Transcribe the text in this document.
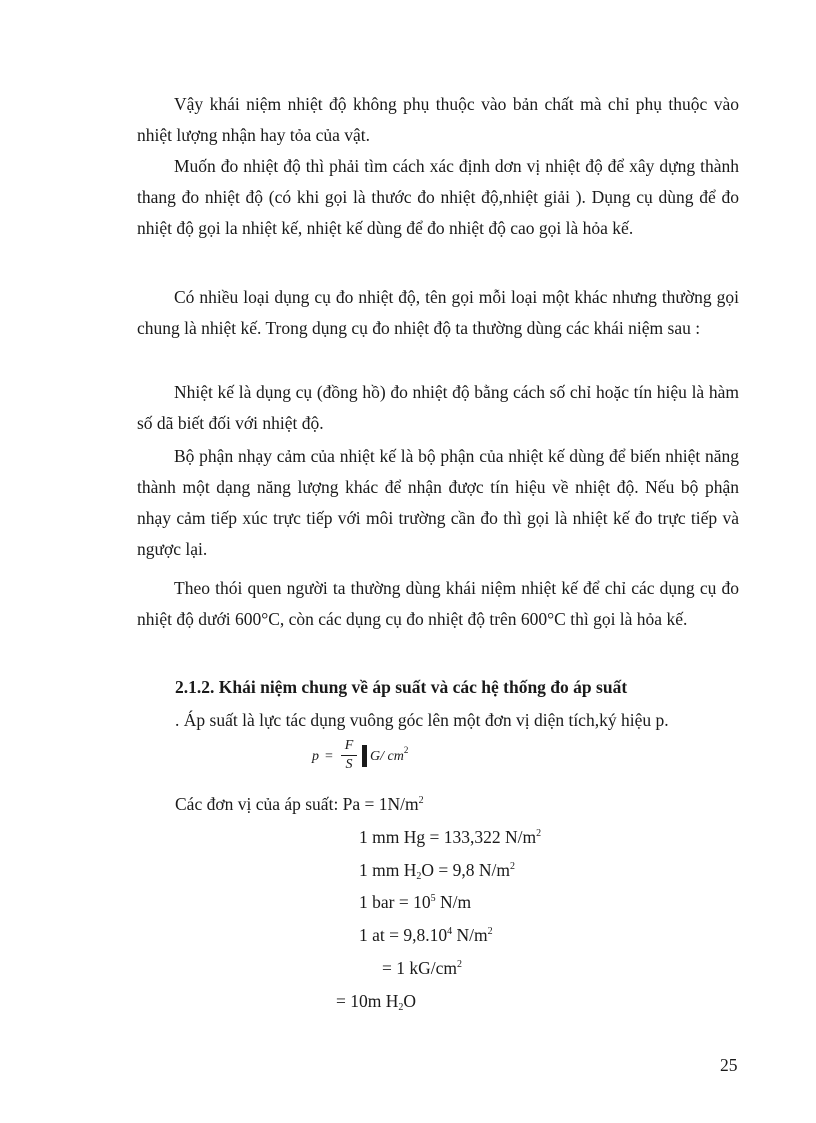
Vậy khái niệm nhiệt độ không phụ thuộc vào bản chất mà chỉ phụ thuộc vào nhiệt lượng nhận hay tỏa của vật.

Muốn đo nhiệt độ thì phải tìm cách xác định dơn vị nhiệt độ để xây dựng thành thang đo nhiệt độ (có khi gọi là thước đo nhiệt độ,nhiệt giải ). Dụng cụ dùng để đo nhiệt độ gọi la nhiệt kế, nhiệt kế dùng để đo nhiệt độ cao gọi là hỏa kế.

Có nhiều loại dụng cụ đo nhiệt độ, tên gọi mỗi loại một khác nhưng thường gọi chung là nhiệt kế. Trong dụng cụ đo nhiệt độ ta thường dùng các khái niệm sau :

Nhiệt kế là dụng cụ (đồng hồ) đo nhiệt độ bằng cách số chỉ hoặc tín hiệu là hàm số dã biết đối với nhiệt độ.

Bộ phận nhạy cảm của nhiệt kế là bộ phận của nhiệt kế dùng để biến nhiệt năng thành một dạng năng lượng khác để nhận được tín hiệu về nhiệt độ. Nếu bộ phận nhạy cảm tiếp xúc trực tiếp với môi trường cần đo thì gọi là nhiệt kế đo trực tiếp và ngược lại.

Theo thói quen người ta thường dùng khái niệm nhiệt kế để chỉ các dụng cụ đo nhiệt độ dưới 600°C, còn các dụng cụ đo nhiệt độ trên 600°C thì gọi là hỏa kế.

2.1.2. Khái niệm chung về áp suất và các hệ thống đo áp suất

. Áp suất là lực tác dụng vuông góc lên một đơn vị diện tích,ký hiệu p.

p =
F
S
G/ $cm^2$

Các đơn vị của áp suất: $Pa = 1N/m^2$

1 mm Hg = 133,322 $N/m^2$

1 mm $H_2O = 9,8$ $N/m^2$

1 bar = $10^5$ N/m

1 at = $9,8.10^4$ $N/m^2$

= 1 $kG/cm^2$

= 10m $H_2O$

25
